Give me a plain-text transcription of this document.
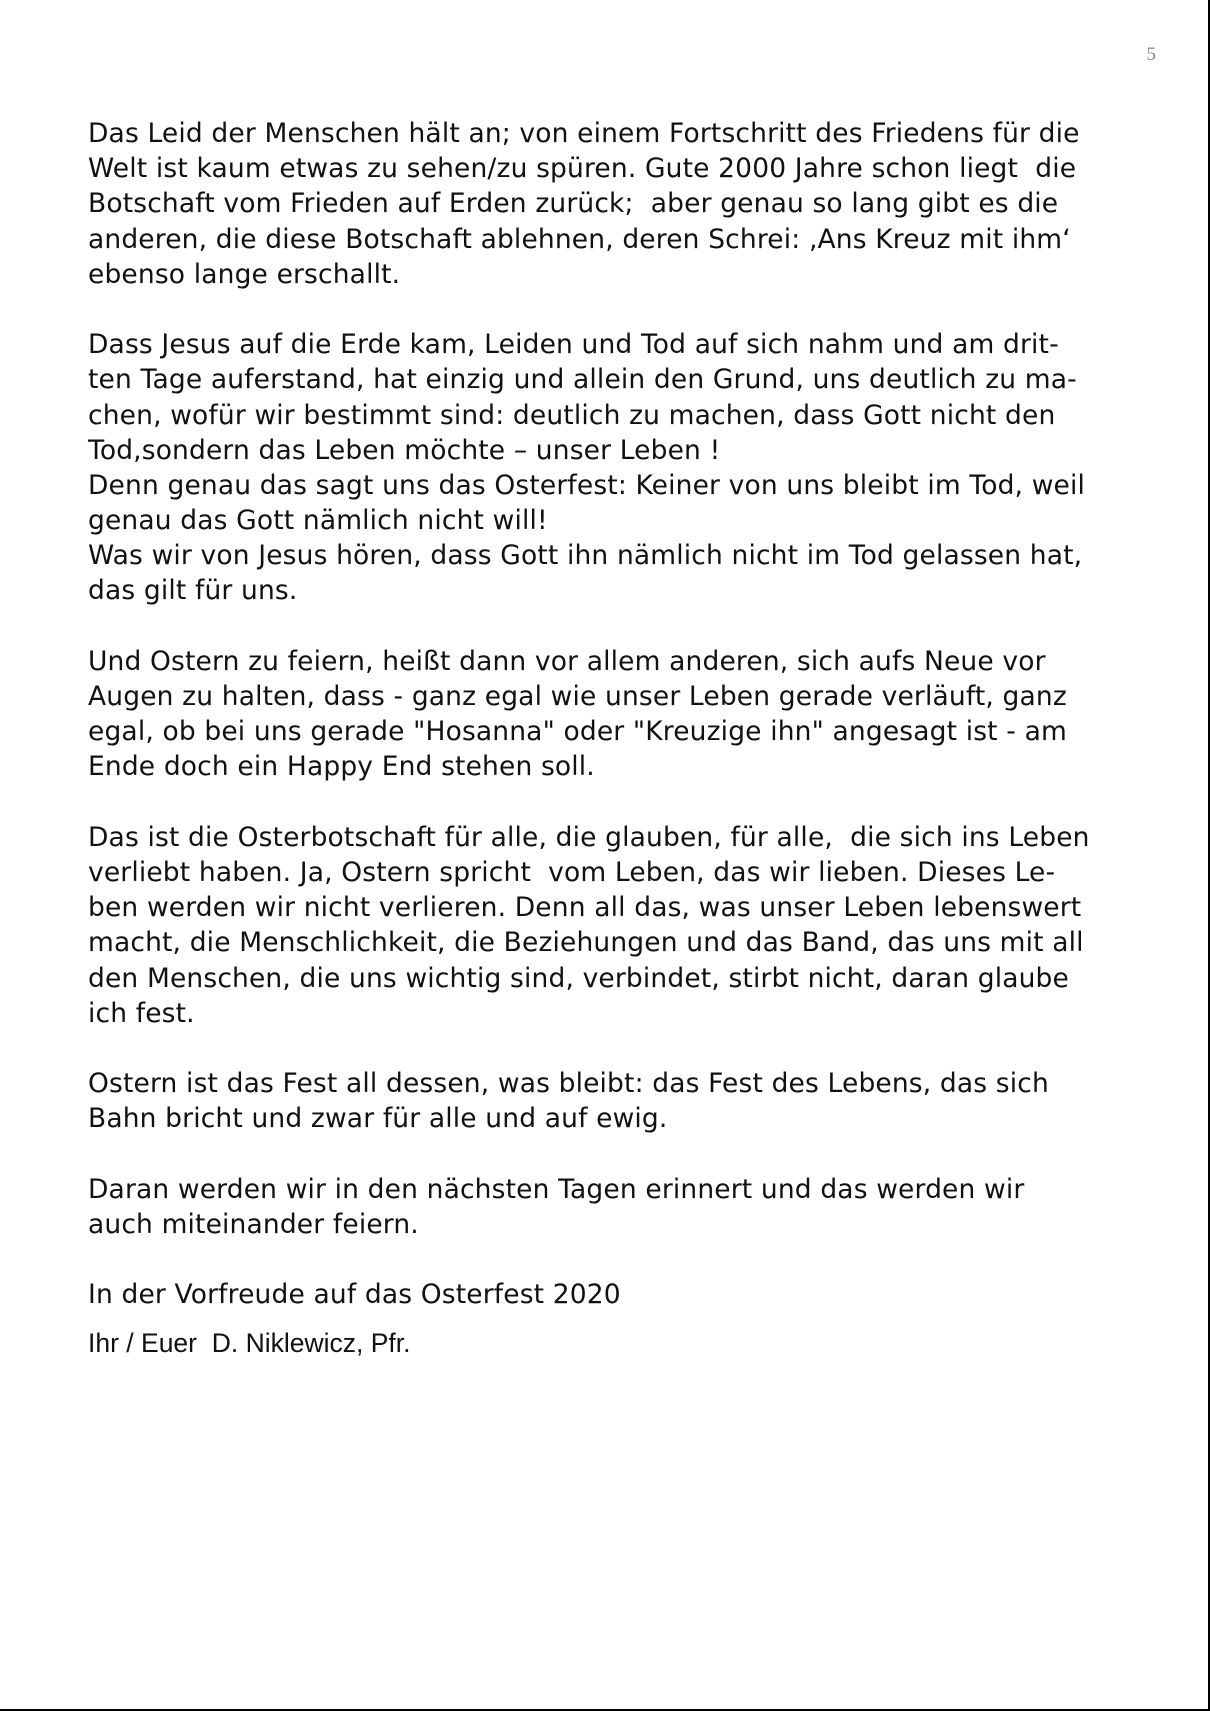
5
Das Leid der Menschen hält an; von einem Fortschritt des Friedens für die
Welt ist kaum etwas zu sehen/zu spüren. Gute 2000 Jahre schon liegt  die
Botschaft vom Frieden auf Erden zurück;  aber genau so lang gibt es die
anderen, die diese Botschaft ablehnen, deren Schrei: ‚Ans Kreuz mit ihm‘
ebenso lange erschallt.
Dass Jesus auf die Erde kam, Leiden und Tod auf sich nahm und am drit-
ten Tage auferstand, hat einzig und allein den Grund, uns deutlich zu ma-
chen, wofür wir bestimmt sind: deutlich zu machen, dass Gott nicht den
Tod,sondern das Leben möchte – unser Leben !
Denn genau das sagt uns das Osterfest: Keiner von uns bleibt im Tod, weil
genau das Gott nämlich nicht will!
Was wir von Jesus hören, dass Gott ihn nämlich nicht im Tod gelassen hat,
das gilt für uns.
Und Ostern zu feiern, heißt dann vor allem anderen, sich aufs Neue vor
Augen zu halten, dass - ganz egal wie unser Leben gerade verläuft, ganz
egal, ob bei uns gerade "Hosanna" oder "Kreuzige ihn" angesagt ist - am
Ende doch ein Happy End stehen soll.
Das ist die Osterbotschaft für alle, die glauben, für alle,  die sich ins Leben
verliebt haben. Ja, Ostern spricht  vom Leben, das wir lieben. Dieses Le-
ben werden wir nicht verlieren. Denn all das, was unser Leben lebenswert
macht, die Menschlichkeit, die Beziehungen und das Band, das uns mit all
den Menschen, die uns wichtig sind, verbindet, stirbt nicht, daran glaube
ich fest.
Ostern ist das Fest all dessen, was bleibt: das Fest des Lebens, das sich
Bahn bricht und zwar für alle und auf ewig.
Daran werden wir in den nächsten Tagen erinnert und das werden wir
auch miteinander feiern.
In der Vorfreude auf das Osterfest 2020
Ihr / Euer  D. Niklewicz, Pfr.
